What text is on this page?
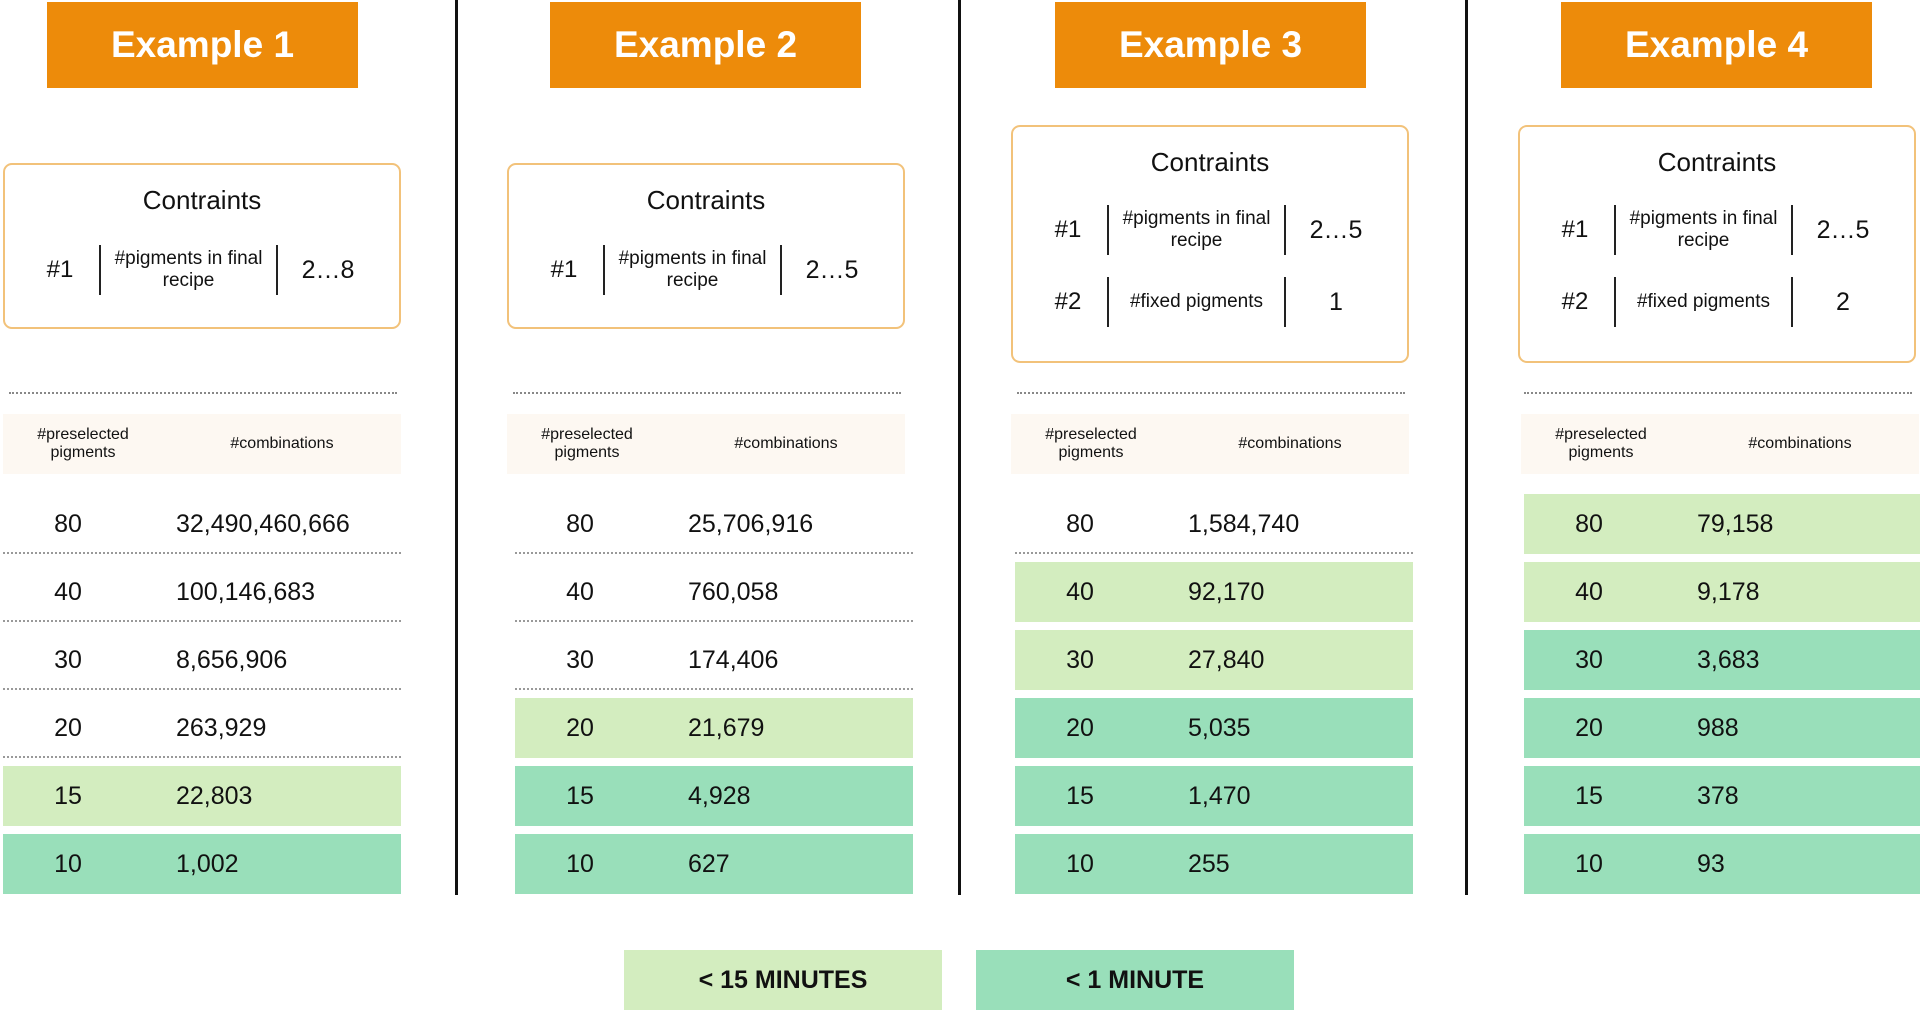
Example 1
Contraints
#1	#pigments in final recipe	2…8
#preselected pigments
#combinations
80	32,490,460,666
40	100,146,683
30	8,656,906
20	263,929
15	22,803
10	1,002
Example 2
Contraints
#1	#pigments in final recipe	2…5
#preselected pigments
#combinations
80	25,706,916
40	760,058
30	174,406
20	21,679
15	4,928
10	627
Example 3
Contraints
#1	#pigments in final recipe	2…5
#2	#fixed pigments	1
#preselected pigments
#combinations
80	1,584,740
40	92,170
30	27,840
20	5,035
15	1,470
10	255
Example 4
Contraints
#1	#pigments in final recipe	2…5
#2	#fixed pigments	2
#preselected pigments
#combinations
80	79,158
40	9,178
30	3,683
20	988
15	378
10	93
< 15 MINUTES	< 1 MINUTE
